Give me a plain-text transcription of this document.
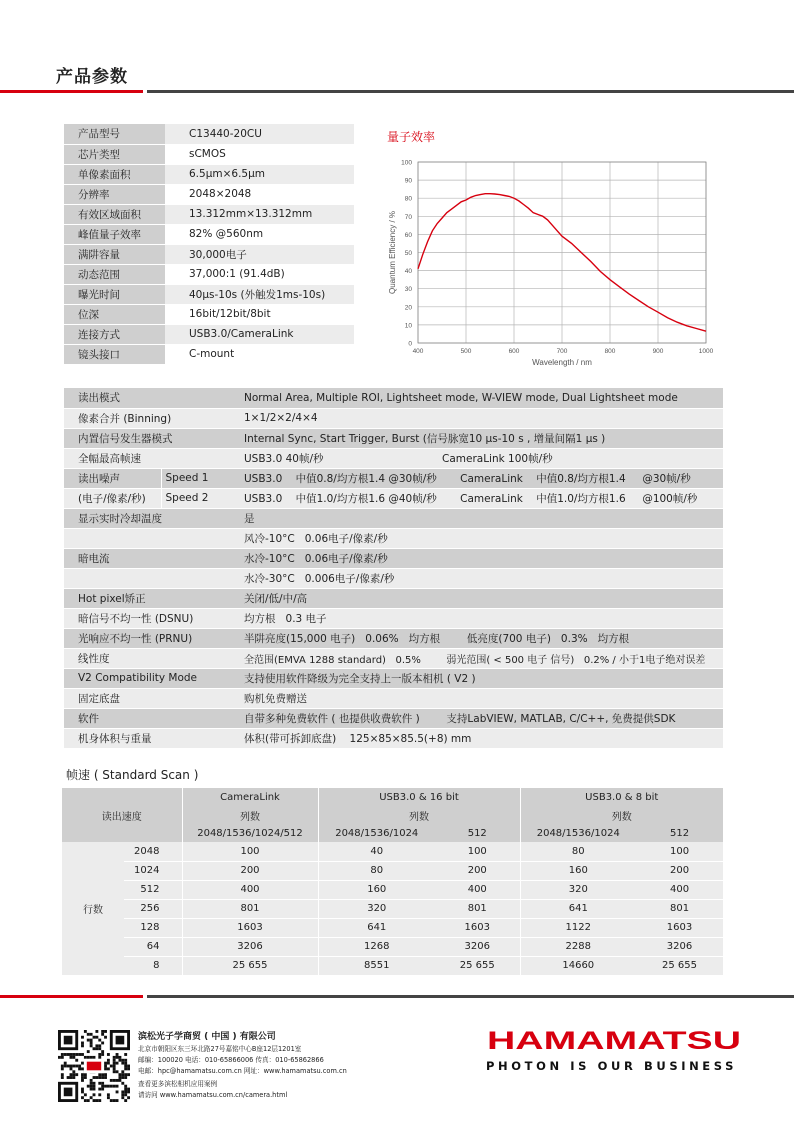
产品参数
产品型号	C13440-20CU
芯片类型	sCMOS
单像素面积	6.5μm×6.5μm
分辨率	2048×2048
有效区域面积	13.312mm×13.312mm
峰值量子效率	82% @560nm
满阱容量	30,000电子
动态范围	37,000:1 (91.4dB)
曝光时间	40μs-10s (外触发1ms-10s)
位深	16bit/12bit/8bit
连接方式	USB3.0/CameraLink
镜头接口	C-mount
量子效率
0
10
20
30
40
50
60
70
80
90
100
400	500	600	700	800	900	1000
Wavelength / nm
Quantum Efficiency / %
读出模式		Normal Area, Multiple ROI, Lightsheet mode, W-VIEW mode, Dual Lightsheet mode
像素合并 (Binning)		1×1/2×2/4×4
内置信号发生器模式		Internal Sync, Start Trigger, Burst (信号脉宽10 μs-10 s , 增量间隔1 μs )
全幅最高帧速		USB3.0 40帧/秒 CameraLink 100帧/秒
读出噪声	Speed 1	USB3.0    中值0.8/均方根1.4 @30帧/秒       CameraLink    中值0.8/均方根1.4     @30帧/秒
(电子/像素/秒)	Speed 2	USB3.0    中值1.0/均方根1.6 @40帧/秒       CameraLink    中值1.0/均方根1.6     @100帧/秒
显示实时冷却温度		是
		风冷-10°C   0.06电子/像素/秒
暗电流		水冷-10°C   0.06电子/像素/秒
		水冷-30°C   0.006电子/像素/秒
Hot pixel矫正		关闭/低/中/高
暗信号不均一性 (DSNU)		均方根   0.3 电子
光响应不均一性 (PRNU)		半阱亮度(15,000 电子)   0.06%   均方根        低亮度(700 电子)   0.3%   均方根
线性度		全范围(EMVA 1288 standard)   0.5%        弱光范围( < 500 电子 信号)   0.2% / 小于1电子绝对误差
V2 Compatibility Mode		支持使用软件降级为完全支持上一版本相机 ( V2 )
固定底盘		购机免费赠送
软件		自带多种免费软件 ( 也提供收费软件 )        支持LabVIEW, MATLAB, C/C++, 免费提供SDK
机身体积与重量		体积(带可拆卸底盘)    125×85×85.5(+8) mm
帧速 ( Standard Scan )
读出速度		CameraLink	USB3.0 & 16 bit		USB3.0 & 8 bit	
		列数	列数		列数	
		2048/1536/1024/512	2048/1536/1024	512	2048/1536/1024	512
行数	2048	100	40	100	80	100
	1024	200	80	200	160	200
	512	400	160	400	320	400
	256	801	320	801	641	801
	128	1603	641	1603	1122	1603
	64	3206	1268	3206	2288	3206
	8	25 655	8551	25 655	14660	25 655
滨松光子学商贸 ( 中国 ) 有限公司
北京市朝阳区东三环北路27号嘉铭中心B座12层1201室
邮编：100020 电话：010-65866006 传真：010-65862866
电邮：hpc@hamamatsu.com.cn 网址：www.hamamatsu.com.cn
查看更多滨松相机应用案例
请访问 www.hamamatsu.com.cn/camera.html
HAMAMATSU
PHOTON IS OUR BUSINESS
